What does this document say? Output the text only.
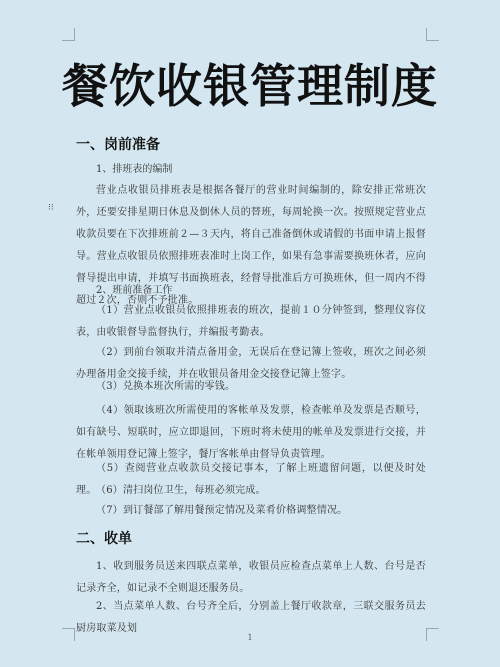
⁝⁝
餐饮收银管理制度
一、岗前准备
1、排班表的编制
营业点收银员排班表是根据各餐厅的营业时间编制的，除安排正常班次外，还要安排星期日休息及倒休人员的替班，每周轮换一次。按照规定营业点收款员要在下次排班前２—３天内，将自己准备倒休或请假的书面申请上报督导。营业点收银员依照排班表准时上岗工作，如果有急事需要换班休者，应向督导提出申请，并填写书面换班表，经督导批准后方可换班休，但一周内不得超过２次，否则不予批准。
2、班前准备工作
（1）营业点收银员依照排班表的班次，提前１０分钟签到，整理仪容仪表，由收银督导监督执行，并编报考勤表。
（2）到前台领取并清点备用金，无误后在登记簿上签收，班次之间必须办理备用金交接手续，并在收银员备用金交接登记簿上签字。
（3）兑换本班次所需的零钱。
（4）领取该班次所需使用的客帐单及发票，检查帐单及发票是否顺号，如有缺号、短联时，应立即退回，下班时将未使用的帐单及发票进行交接，并在帐单领用登记簿上签字，餐厅客帐单由督导负责管理。
（5）查阅营业点收款员交接记事本，了解上班遗留问题，以便及时处理。 （6）清扫岗位卫生，每班必须完成。
（7）到订餐部了解用餐预定情况及菜肴价格调整情况。
二、收单
1、收到服务员送来四联点菜单，收银员应检查点菜单上人数、台号是否记录齐全，如记录不全则退还服务员。
2、当点菜单人数、台号齐全后，分别盖上餐厅收款章，三联交服务员去厨房取菜及划
1
